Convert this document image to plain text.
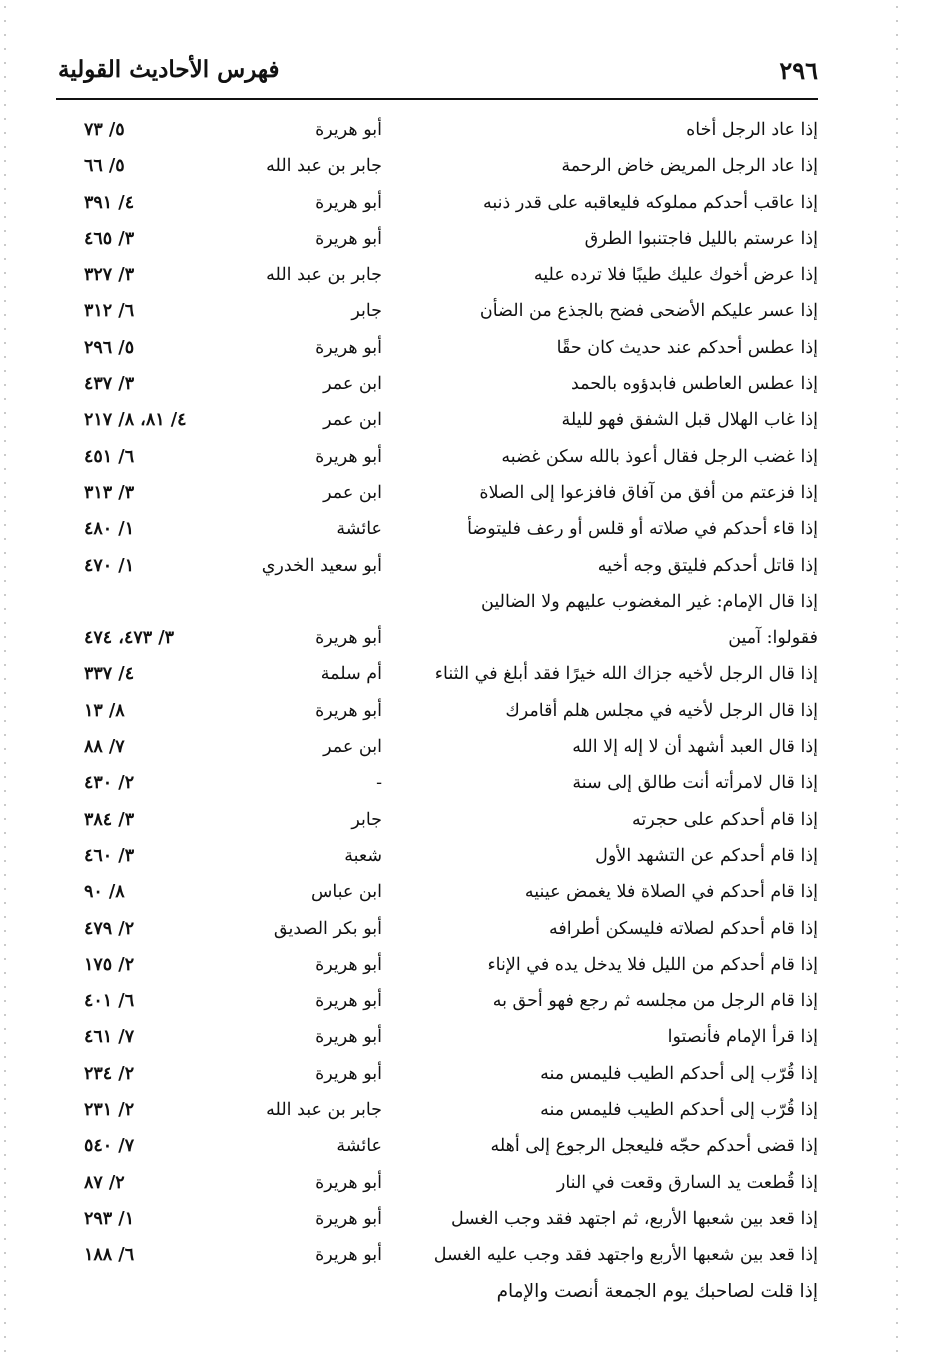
٢٩٦
فهرس الأحاديث القولية
إذا عاد الرجل أخاه
أبو هريرة
٥/ ٧٣
إذا عاد الرجل المريض خاض الرحمة
جابر بن عبد الله
٥/ ٦٦
إذا عاقب أحدكم مملوكه فليعاقبه على قدر ذنبه
أبو هريرة
٤/ ٣٩١
إذا عرستم بالليل فاجتنبوا الطرق
أبو هريرة
٣/ ٤٦٥
إذا عرض أخوك عليك طيبًا فلا ترده عليه
جابر بن عبد الله
٣/ ٣٢٧
إذا عسر عليكم الأضحى فضح بالجذع من الضأن
جابر
٦/ ٣١٢
إذا عطس أحدكم عند حديث كان حقًا
أبو هريرة
٥/ ٢٩٦
إذا عطس العاطس فابدؤوه بالحمد
ابن عمر
٣/ ٤٣٧
إذا غاب الهلال قبل الشفق فهو لليلة
ابن عمر
٤/ ٨١، ٨/ ٢١٧
إذا غضب الرجل فقال أعوذ بالله سكن غضبه
أبو هريرة
٦/ ٤٥١
إذا فزعتم من أفق من آفاق فافزعوا إلى الصلاة
ابن عمر
٣/ ٣١٣
إذا قاء أحدكم في صلاته أو قلس أو رعف فليتوضأ
عائشة
١/ ٤٨٠
إذا قاتل أحدكم فليتق وجه أخيه
أبو سعيد الخدري
١/ ٤٧٠
إذا قال الإمام: غير المغضوب عليهم ولا الضالين
فقولوا: آمين
أبو هريرة
٣/ ٤٧٣، ٤٧٤
إذا قال الرجل لأخيه جزاك الله خيرًا فقد أبلغ في الثناء
أم سلمة
٤/ ٣٣٧
إذا قال الرجل لأخيه في مجلس هلم أقامرك
أبو هريرة
٨/ ١٣
إذا قال العبد أشهد أن لا إله إلا الله
ابن عمر
٧/ ٨٨
إذا قال لامرأته أنت طالق إلى سنة
-
٢/ ٤٣٠
إذا قام أحدكم على حجرته
جابر
٣/ ٣٨٤
إذا قام أحدكم عن التشهد الأول
شعبة
٣/ ٤٦٠
إذا قام أحدكم في الصلاة فلا يغمض عينيه
ابن عباس
٨/ ٩٠
إذا قام أحدكم لصلاته فليسكن أطرافه
أبو بكر الصديق
٢/ ٤٧٩
إذا قام أحدكم من الليل فلا يدخل يده في الإناء
أبو هريرة
٢/ ١٧٥
إذا قام الرجل من مجلسه ثم رجع فهو أحق به
أبو هريرة
٦/ ٤٠١
إذا قرأ الإمام فأنصتوا
أبو هريرة
٧/ ٤٦١
إذا قُرّب إلى أحدكم الطيب فليمس منه
أبو هريرة
٢/ ٢٣٤
إذا قُرّب إلى أحدكم الطيب فليمس منه
جابر بن عبد الله
٢/ ٢٣١
إذا قضى أحدكم حجّه فليعجل الرجوع إلى أهله
عائشة
٧/ ٥٤٠
إذا قُطعت يد السارق وقعت في النار
أبو هريرة
٢/ ٨٧
إذا قعد بين شعبها الأربع، ثم اجتهد فقد وجب الغسل
أبو هريرة
١/ ٢٩٣
إذا قعد بين شعبها الأربع واجتهد فقد وجب عليه الغسل
أبو هريرة
٦/ ١٨٨
إذا قلت لصاحبك يوم الجمعة أنصت والإمام
